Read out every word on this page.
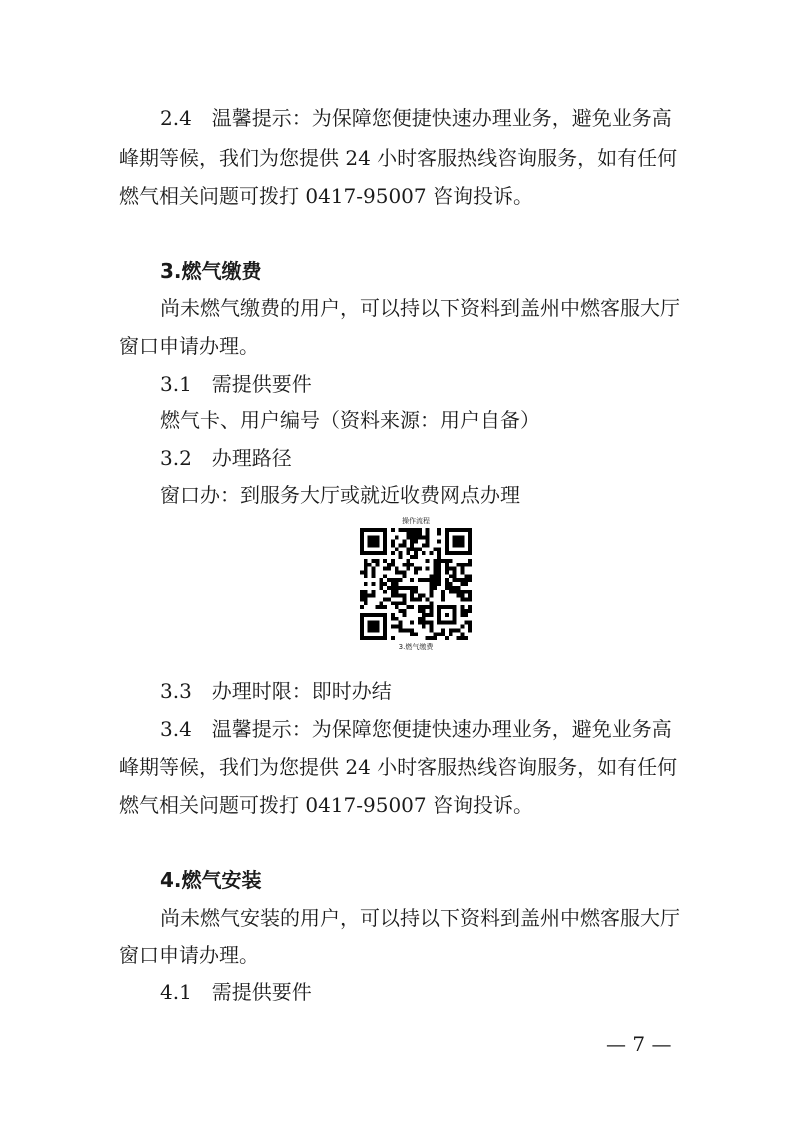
2.4　温馨提示：为保障您便捷快速办理业务，避免业务高
峰期等候，我们为您提供 24 小时客服热线咨询服务，如有任何
燃气相关问题可拨打 0417-95007 咨询投诉。
3.燃气缴费
尚未燃气缴费的用户，可以持以下资料到盖州中燃客服大厅
窗口申请办理。
3.1　需提供要件
燃气卡、用户编号（资料来源：用户自备）
3.2　办理路径
窗口办：到服务大厅或就近收费网点办理
操作流程
3.燃气缴费
3.3　办理时限：即时办结
3.4　温馨提示：为保障您便捷快速办理业务，避免业务高
峰期等候，我们为您提供 24 小时客服热线咨询服务，如有任何
燃气相关问题可拨打 0417-95007 咨询投诉。
4.燃气安装
尚未燃气安装的用户，可以持以下资料到盖州中燃客服大厅
窗口申请办理。
4.1　需提供要件
— 7 —
